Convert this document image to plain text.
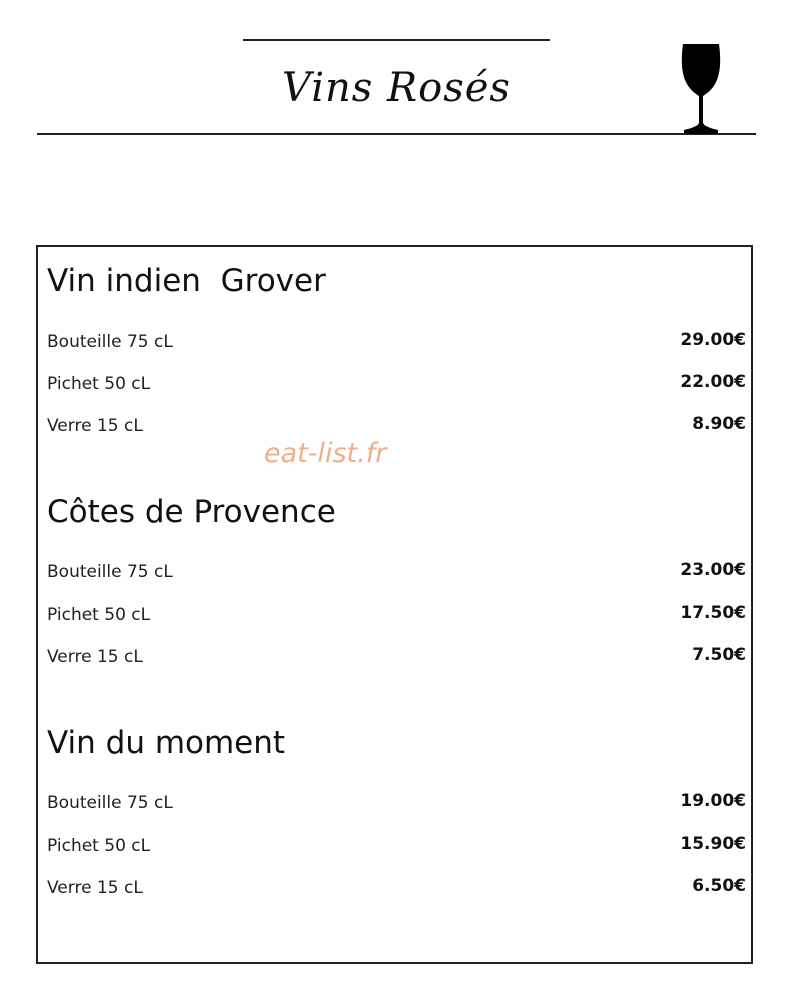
Vins Rosés
Vin indien  Grover
Bouteille 75 cL	29.00€
Pichet 50 cL	22.00€
Verre 15 cL	8.90€
Côtes de Provence
Bouteille 75 cL	23.00€
Pichet 50 cL	17.50€
Verre 15 cL	7.50€
Vin du moment
Bouteille 75 cL	19.00€
Pichet 50 cL	15.90€
Verre 15 cL	6.50€
eat-list.fr
